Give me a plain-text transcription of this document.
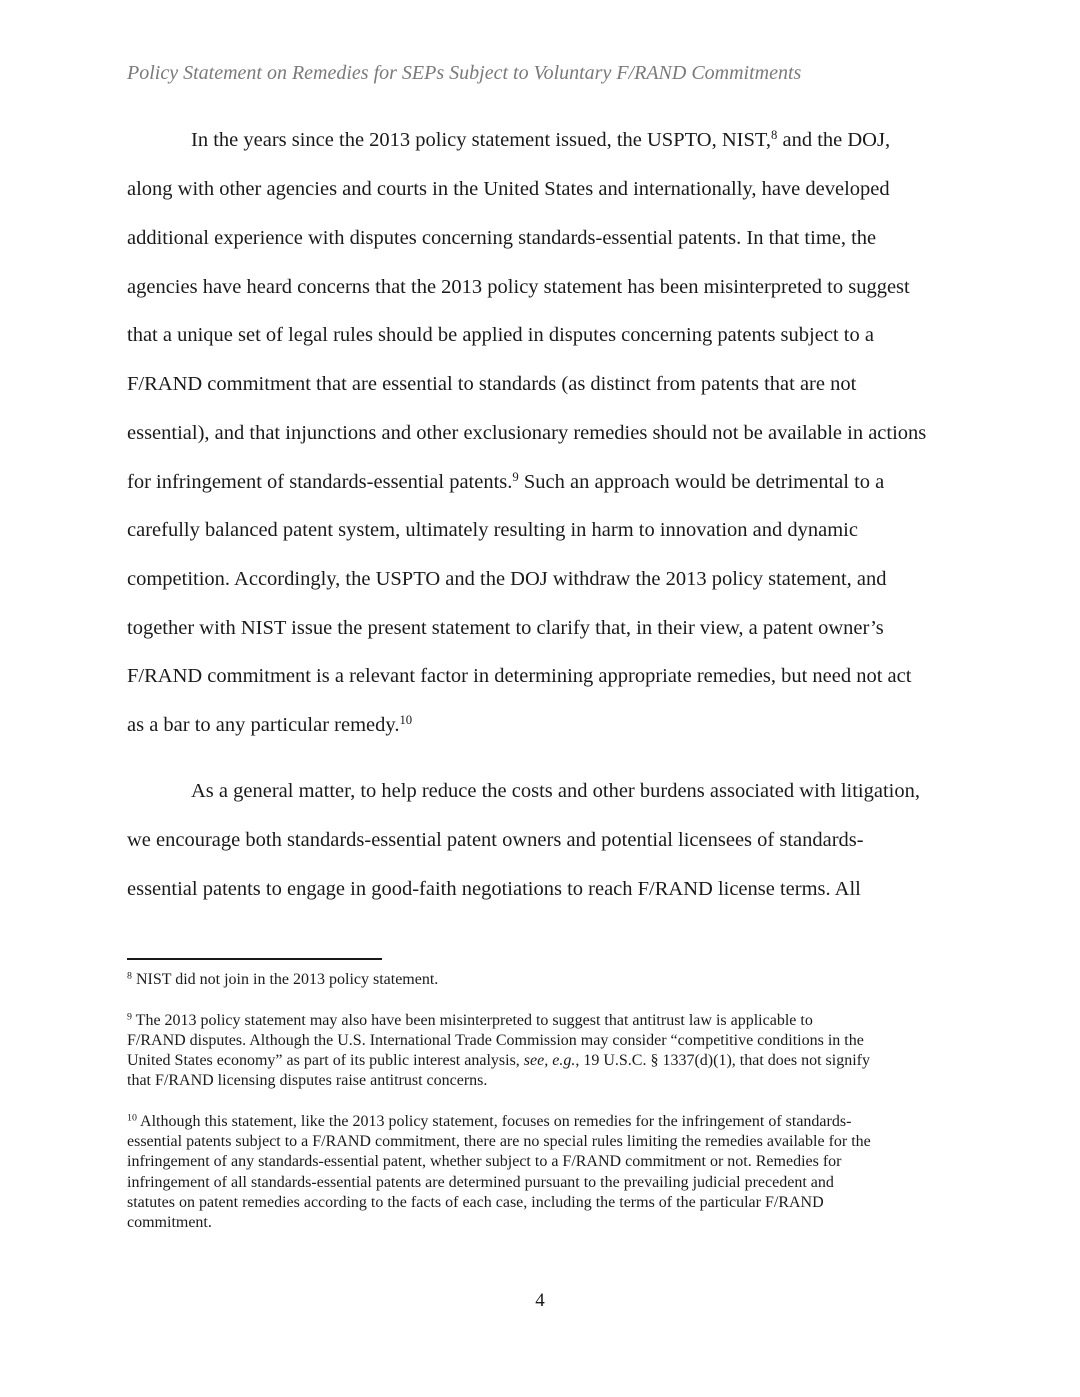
Policy Statement on Remedies for SEPs Subject to Voluntary F/RAND Commitments
In the years since the 2013 policy statement issued, the USPTO, NIST,$^8$ and the DOJ,
along with other agencies and courts in the United States and internationally, have developed
additional experience with disputes concerning standards-essential patents. In that time, the
agencies have heard concerns that the 2013 policy statement has been misinterpreted to suggest
that a unique set of legal rules should be applied in disputes concerning patents subject to a
F/RAND commitment that are essential to standards (as distinct from patents that are not
essential), and that injunctions and other exclusionary remedies should not be available in actions
for infringement of standards-essential patents.$^9$ Such an approach would be detrimental to a
carefully balanced patent system, ultimately resulting in harm to innovation and dynamic
competition. Accordingly, the USPTO and the DOJ withdraw the 2013 policy statement, and
together with NIST issue the present statement to clarify that, in their view, a patent owner’s
F/RAND commitment is a relevant factor in determining appropriate remedies, but need not act
as a bar to any particular remedy.$^{10}$
As a general matter, to help reduce the costs and other burdens associated with litigation,
we encourage both standards-essential patent owners and potential licensees of standards-
essential patents to engage in good-faith negotiations to reach F/RAND license terms. All
$^8$ NIST did not join in the 2013 policy statement.
$^9$ The 2013 policy statement may also have been misinterpreted to suggest that antitrust law is applicable to
F/RAND disputes. Although the U.S. International Trade Commission may consider “competitive conditions in the
United States economy” as part of its public interest analysis, see, e.g., 19 U.S.C. § 1337(d)(1), that does not signify
that F/RAND licensing disputes raise antitrust concerns.
$^{10}$ Although this statement, like the 2013 policy statement, focuses on remedies for the infringement of standards-
essential patents subject to a F/RAND commitment, there are no special rules limiting the remedies available for the
infringement of any standards-essential patent, whether subject to a F/RAND commitment or not. Remedies for
infringement of all standards-essential patents are determined pursuant to the prevailing judicial precedent and
statutes on patent remedies according to the facts of each case, including the terms of the particular F/RAND
commitment.
4
